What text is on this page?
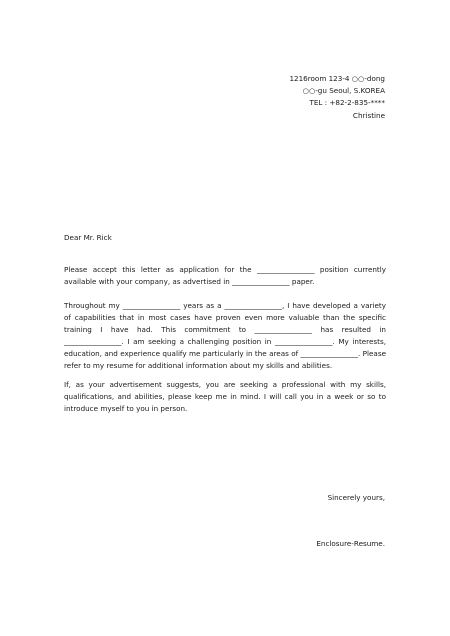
1216room 123-4 ○○-dong
○○-gu Seoul, S.KOREA
TEL : +82-2-835-****
Christine
Dear Mr. Rick

Please accept this letter as application for the ________________ position currently available with your company, as advertised in ________________ paper.

Throughout my ________________ years as a ________________, I have developed a variety of capabilities that in most cases have proven even more valuable than the specific training I have had. This commitment to ________________ has resulted in ________________. I am seeking a challenging position in ________________. My interests, education, and experience qualify me particularly in the areas of ________________. Please refer to my resume for additional information about my skills and abilities.

If, as your advertisement suggests, you are seeking a professional with my skills, qualifications, and abilities, please keep me in mind. I will call you in a week or so to introduce myself to you in person.

Sincerely yours,
Enclosure-Resume.
